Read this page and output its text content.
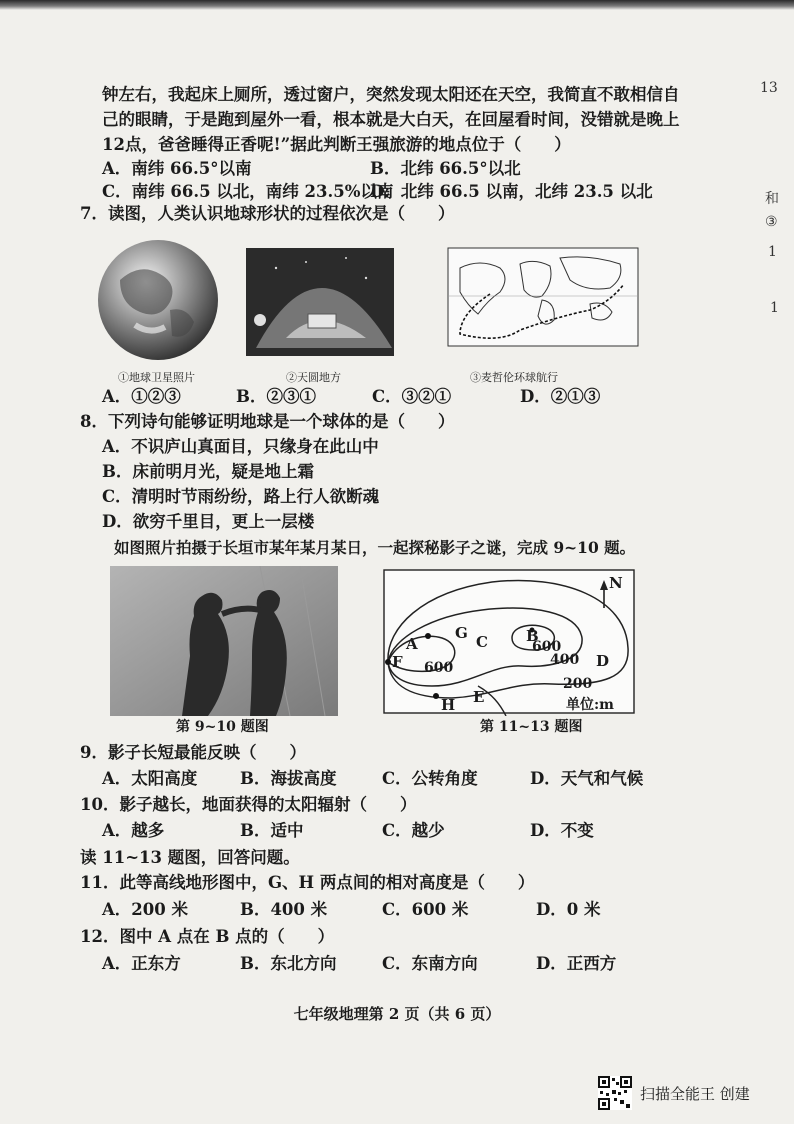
13
和
③
1
1
钟左右，我起床上厕所，透过窗户，突然发现太阳还在天空，我简直不敢相信自
己的眼睛，于是跑到屋外一看，根本就是大白天，在回屋看时间，没错就是晚上
12点，爸爸睡得正香呢!”据此判断王强旅游的地点位于（　　）
A．南纬 66.5°以南	B．北纬 66.5°以北
C．南纬 66.5 以北，南纬 23.5%以南
D．北纬 66.5 以南，北纬 23.5 以北
7．读图，人类认识地球形状的过程依次是（　　）
①地球卫星照片	②天圆地方	③麦哲伦环球航行
A．①②③	B．②③①	C．③②①	D．②①③
8．下列诗句能够证明地球是一个球体的是（　　）
A．不识庐山真面目，只缘身在此山中
B．床前明月光，疑是地上霜
C．清明时节雨纷纷，路上行人欲断魂
D．欲穷千里目，更上一层楼
如图照片拍摄于长垣市某年某月某日，一起探秘影子之谜，完成 9~10 题。
第 9~10 题图
N
A	B
C
D
E
F
G
H
600
600
400
200
单位:m
第 11~13 题图
9．影子长短最能反映（　　）
A．太阳高度	B．海拔高度	C．公转角度	D．天气和气候
10．影子越长，地面获得的太阳辐射（　　）
A．越多	B．适中	C．越少	D．不变
读 11~13 题图，回答问题。
11．此等高线地形图中，G、H 两点间的相对高度是（　　）
A．200 米	B．400 米	C．600 米	D．0 米
12．图中 A 点在 B 点的（　　）
A．正东方	B．东北方向	C．东南方向	D．正西方
七年级地理第 2 页（共 6 页）
扫描全能王 创建
